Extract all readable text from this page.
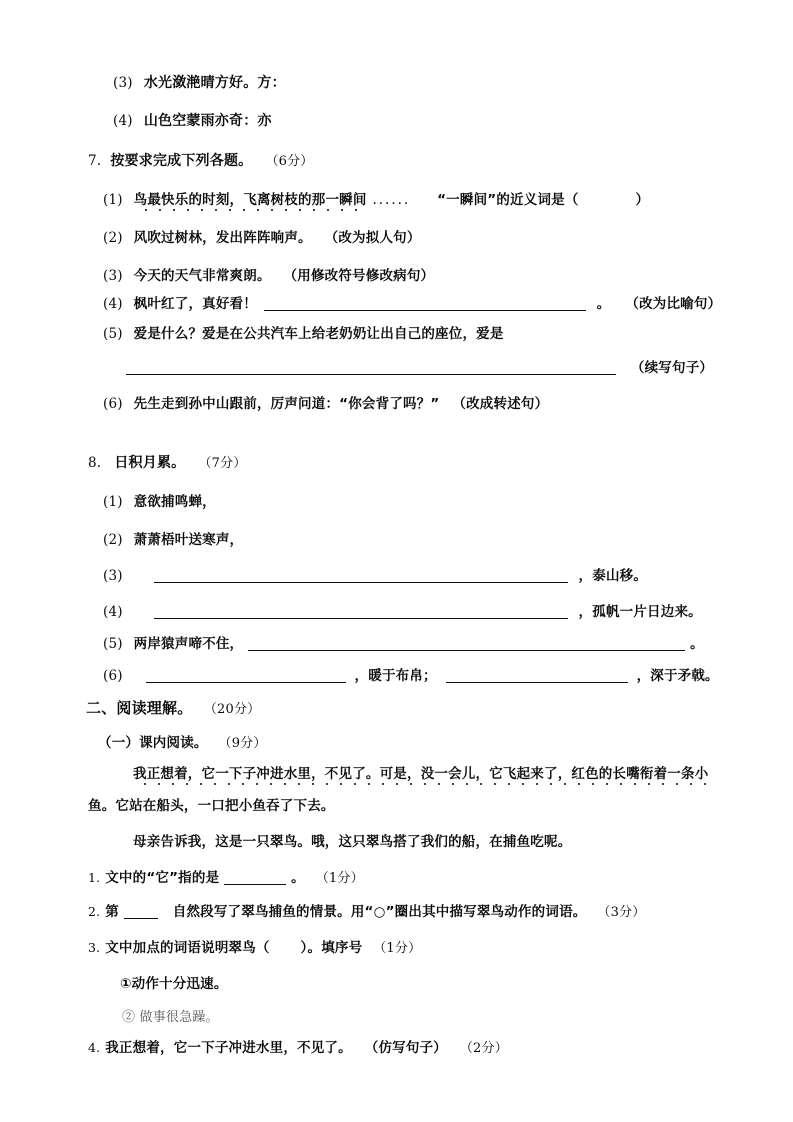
(3) 水光潋滟晴方好。方：
(4) 山色空蒙雨亦奇：亦
7. 按要求完成下列各题。 （6分）
(1) 鸟最快乐的时刻，飞离树枝的那一瞬间 ...... “一瞬间”的近义词是（	）
(2) 风吹过树林，发出阵阵响声。 （改为拟人句）
(3) 今天的天气非常爽朗。 （用修改符号修改病句）
(4) 枫叶红了，真好看！	。 （改为比喻句）
(5) 爱是什么？爱是在公共汽车上给老奶奶让出自己的座位，爱是
（续写句子）
(6) 先生走到孙中山跟前，厉声问道：“你会背了吗？” （改成转述句）
8. 日积月累。 （7分）
(1) 意欲捕鸣蝉，
(2) 萧萧梧叶送寒声，
(3)	，泰山移。
(4)	，孤帆一片日边来。
(5) 两岸猿声啼不住，	。
(6)	，暖于布帛；	，深于矛戟。
二、阅读理解。 （20分）
（一）课内阅读。 （9分）
我正想着，它一下子冲进水里，不见了。可是，没一会儿，它飞起来了，红色的长嘴衔着一条小
鱼。它站在船头，一口把小鱼吞了下去。
母亲告诉我，这是一只翠鸟。哦，这只翠鸟搭了我们的船，在捕鱼吃呢。
1. 文中的“它”指的是	。 （1分）
2. 第	自然段写了翠鸟捕鱼的情景。用“○”圈出其中描写翠鸟动作的词语。 （3分）
3. 文中加点的词语说明翠鸟（ ）。填序号 （1分）
①动作十分迅速。
② 做事很急躁。
4. 我正想着，它一下子冲进水里，不见了。 （仿写句子） （2分）
